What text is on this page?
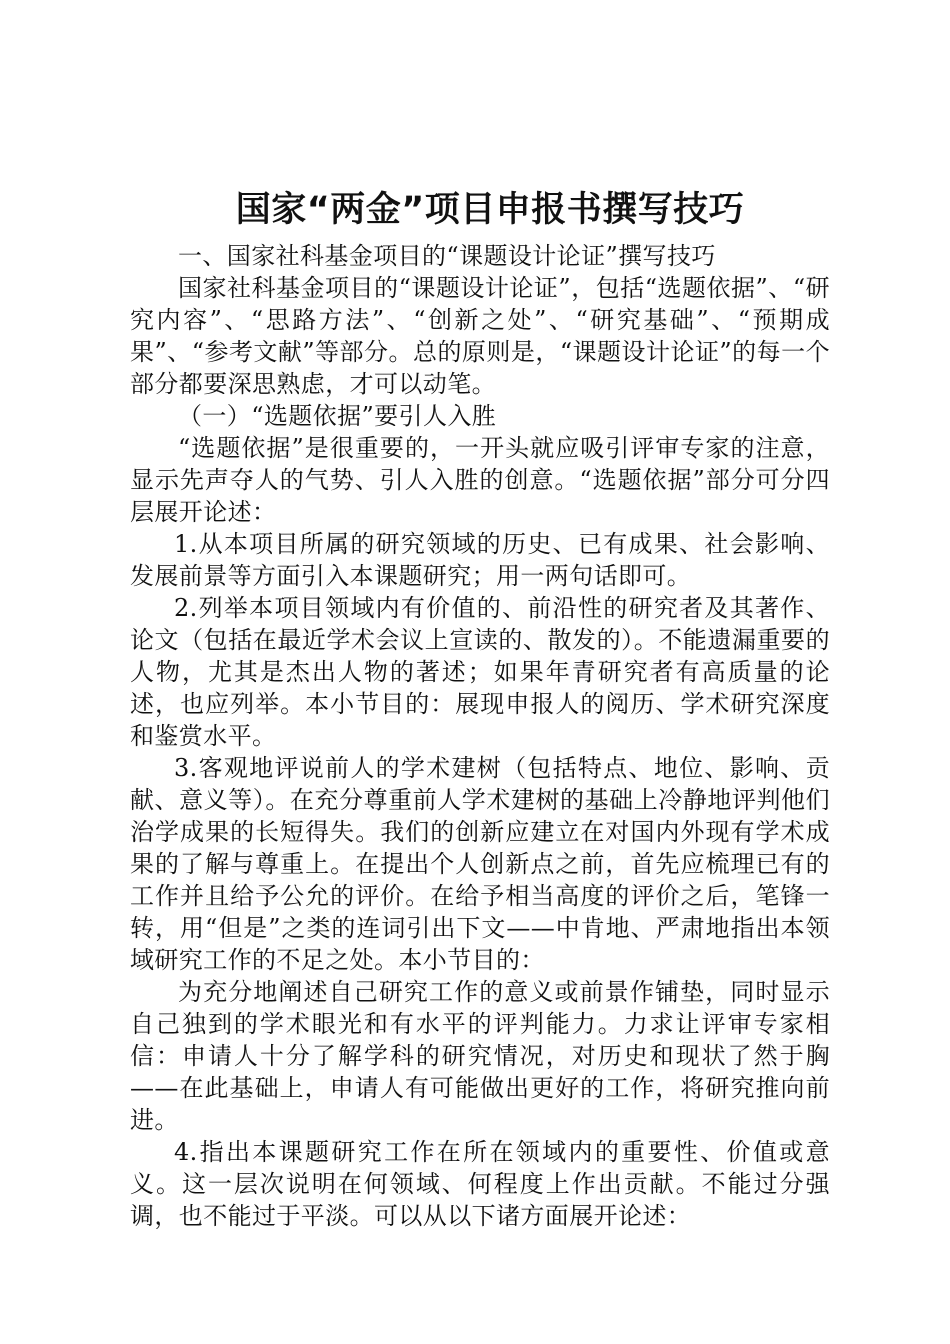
国家“两金”项目申报书撰写技巧

一、国家社科基金项目的“课题设计论证”撰写技巧

国家社科基金项目的“课题设计论证”，包括“选题依据”、“研究内容”、“思路方法”、“创新之处”、“研究基础”、“预期成果”、“参考文献”等部分。总的原则是，“课题设计论证”的每一个部分都要深思熟虑，才可以动笔。

（一）“选题依据”要引人入胜

“选题依据”是很重要的，一开头就应吸引评审专家的注意，显示先声夺人的气势、引人入胜的创意。“选题依据”部分可分四层展开论述：

1.从本项目所属的研究领域的历史、已有成果、社会影响、发展前景等方面引入本课题研究；用一两句话即可。

2.列举本项目领域内有价值的、前沿性的研究者及其著作、论文（包括在最近学术会议上宣读的、散发的）。不能遗漏重要的人物，尤其是杰出人物的著述；如果年青研究者有高质量的论述，也应列举。本小节目的：展现申报人的阅历、学术研究深度和鉴赏水平。

3.客观地评说前人的学术建树（包括特点、地位、影响、贡献、意义等）。在充分尊重前人学术建树的基础上冷静地评判他们治学成果的长短得失。我们的创新应建立在对国内外现有学术成果的了解与尊重上。在提出个人创新点之前，首先应梳理已有的工作并且给予公允的评价。在给予相当高度的评价之后，笔锋一转，用“但是”之类的连词引出下文——中肯地、严肃地指出本领域研究工作的不足之处。本小节目的：

为充分地阐述自己研究工作的意义或前景作铺垫，同时显示自己独到的学术眼光和有水平的评判能力。力求让评审专家相信：申请人十分了解学科的研究情况，对历史和现状了然于胸——在此基础上，申请人有可能做出更好的工作，将研究推向前进。

4.指出本课题研究工作在所在领域内的重要性、价值或意义。这一层次说明在何领域、何程度上作出贡献。不能过分强调，也不能过于平淡。可以从以下诸方面展开论述：
